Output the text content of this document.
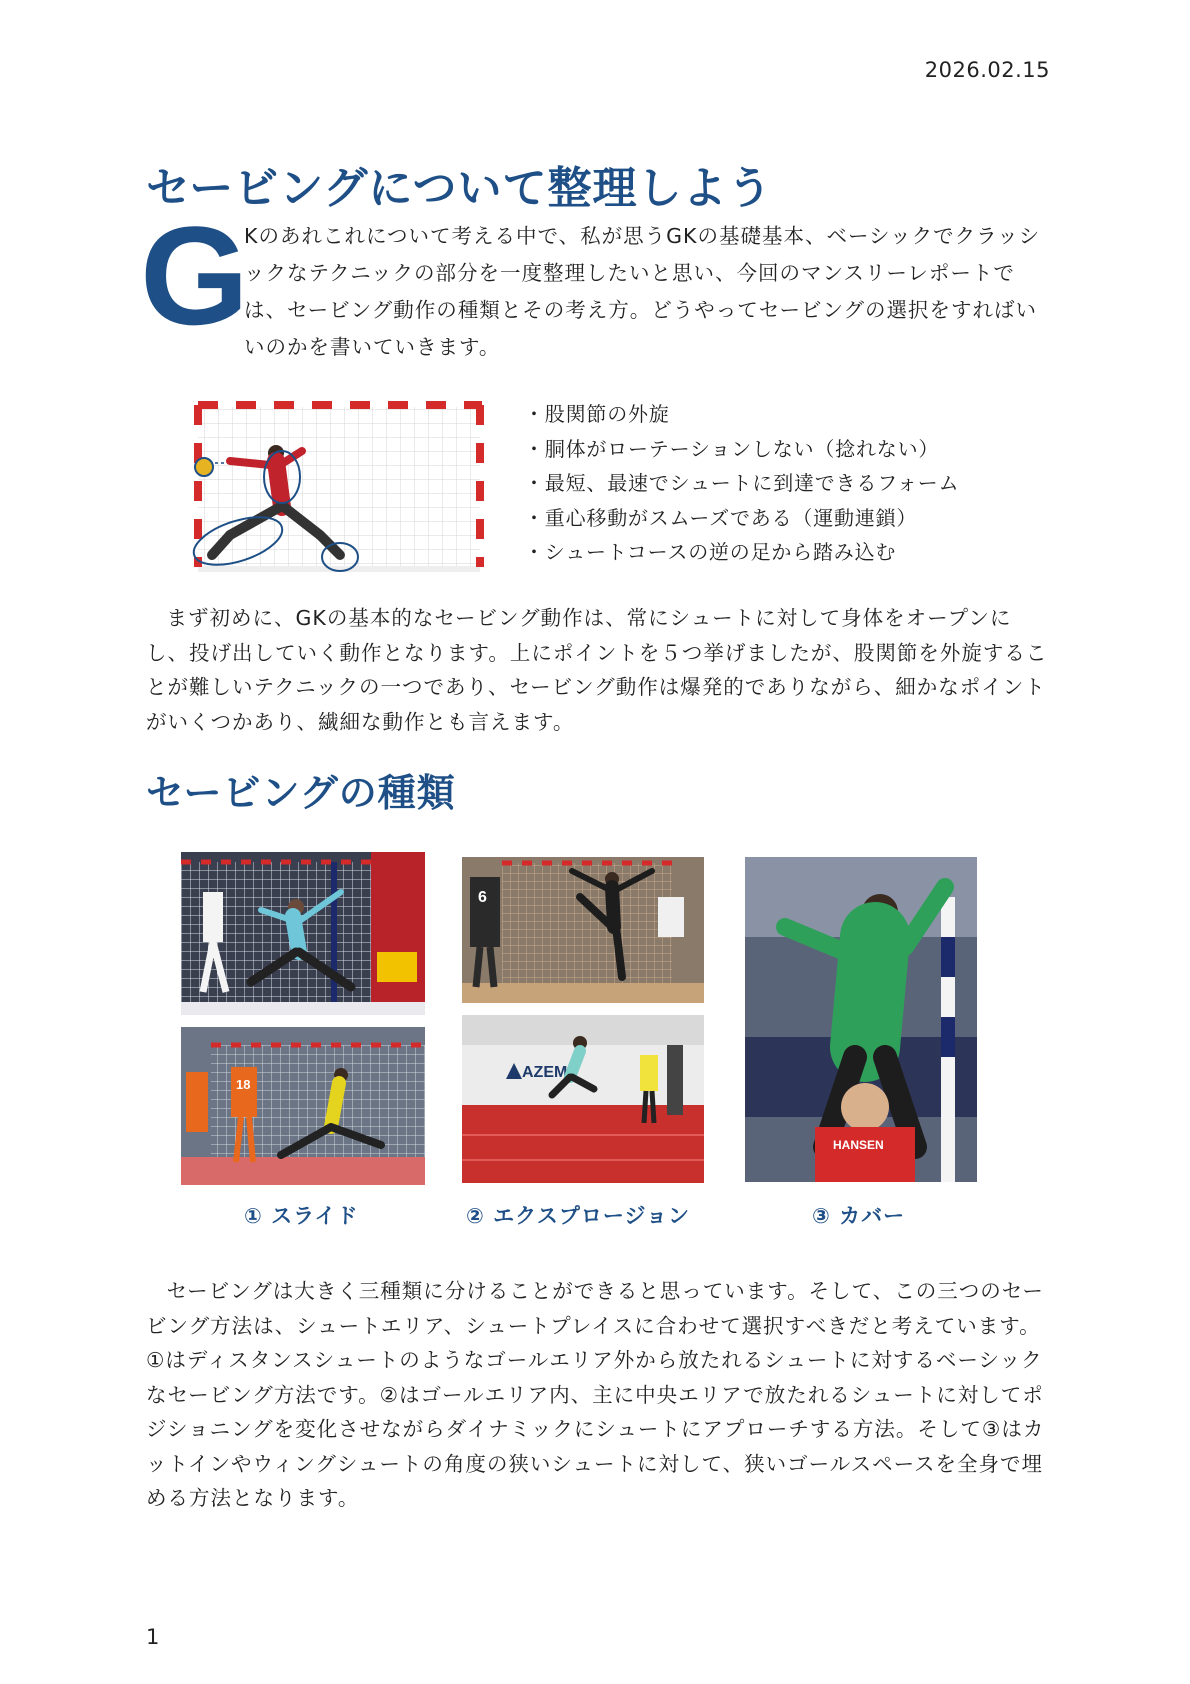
2026.02.15
セービングについて整理しよう
G

Kのあれこれについて考える中で、私が思うGKの基礎基本、ベーシックでクラッシックなテクニックの部分を一度整理したいと思い、今回のマンスリーレポートでは、セービング動作の種類とその考え方。どうやってセービングの選択をすればいいのかを書いていきます。

・股関節の外旋
・胴体がローテーションしない（捻れない）
・最短、最速でシュートに到達できるフォーム
・重心移動がスムーズである（運動連鎖）
・シュートコースの逆の足から踏み込む

まず初めに、GKの基本的なセービング動作は、常にシュートに対して身体をオープンにし、投げ出していく動作となります。上にポイントを５つ挙げましたが、股関節を外旋することが難しいテクニックの一つであり、セービング動作は爆発的でありながら、細かなポイントがいくつかあり、繊細な動作とも言えます。

セービングの種類
18
6
AZEM
HANSEN
① スライド	② エクスプロージョン	③ カバー

セービングは大きく三種類に分けることができると思っています。そして、この三つのセービング方法は、シュートエリア、シュートプレイスに合わせて選択すべきだと考えています。①はディスタンスシュートのようなゴールエリア外から放たれるシュートに対するベーシックなセービング方法です。②はゴールエリア内、主に中央エリアで放たれるシュートに対してポジショニングを変化させながらダイナミックにシュートにアプローチする方法。そして③はカットインやウィングシュートの角度の狭いシュートに対して、狭いゴールスペースを全身で埋める方法となります。

1
